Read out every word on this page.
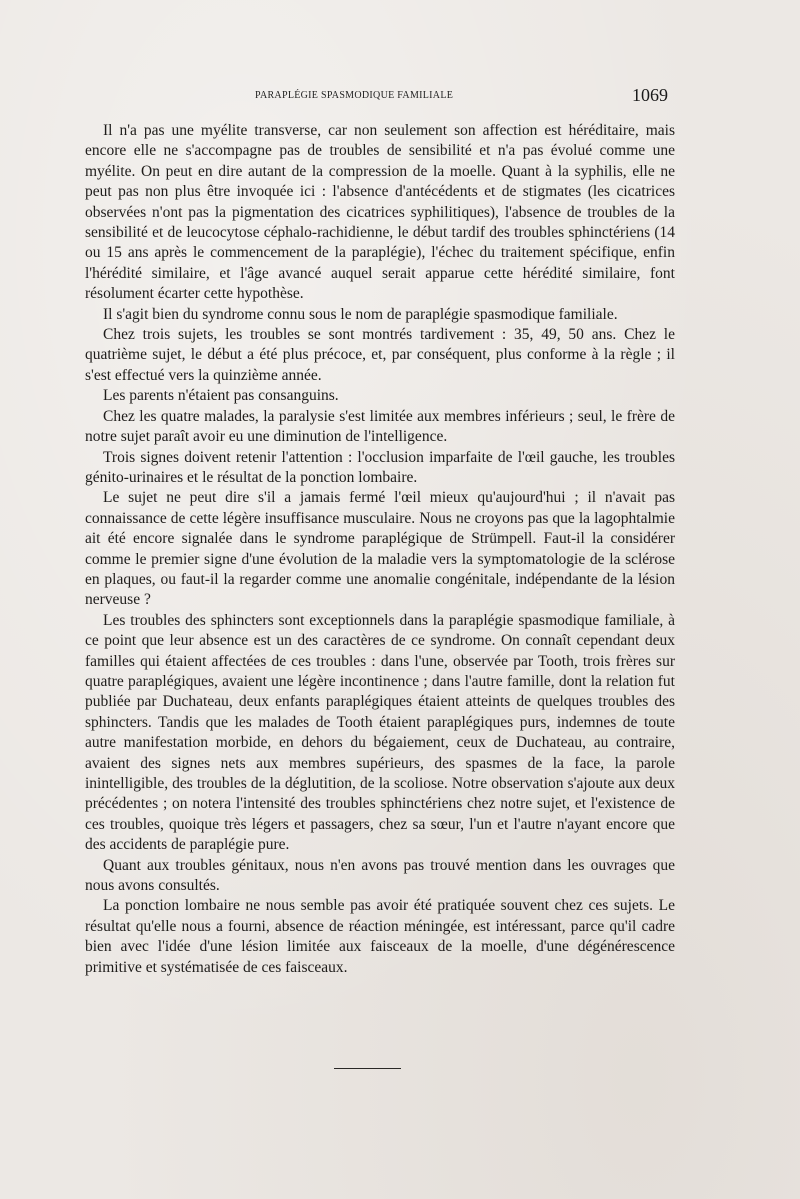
PARAPLÉGIE SPASMODIQUE FAMILIALE	1069

Il n'a pas une myélite transverse, car non seulement son affection est héréditaire, mais encore elle ne s'accompagne pas de troubles de sensibilité et n'a pas évolué comme une myélite. On peut en dire autant de la compression de la moelle. Quant à la syphilis, elle ne peut pas non plus être invoquée ici : l'absence d'antécédents et de stigmates (les cicatrices observées n'ont pas la pigmentation des cicatrices syphilitiques), l'absence de troubles de la sensibilité et de leucocytose céphalo-rachidienne, le début tardif des troubles sphinctériens (14 ou 15 ans après le commencement de la paraplégie), l'échec du traitement spécifique, enfin l'hérédité similaire, et l'âge avancé auquel serait apparue cette hérédité similaire, font résolument écarter cette hypothèse.

Il s'agit bien du syndrome connu sous le nom de paraplégie spasmodique familiale.

Chez trois sujets, les troubles se sont montrés tardivement : 35, 49, 50 ans. Chez le quatrième sujet, le début a été plus précoce, et, par conséquent, plus conforme à la règle ; il s'est effectué vers la quinzième année.

Les parents n'étaient pas consanguins.

Chez les quatre malades, la paralysie s'est limitée aux membres inférieurs ; seul, le frère de notre sujet paraît avoir eu une diminution de l'intelligence.

Trois signes doivent retenir l'attention : l'occlusion imparfaite de l'œil gauche, les troubles génito-urinaires et le résultat de la ponction lombaire.

Le sujet ne peut dire s'il a jamais fermé l'œil mieux qu'aujourd'hui ; il n'avait pas connaissance de cette légère insuffisance musculaire. Nous ne croyons pas que la lagophtalmie ait été encore signalée dans le syndrome paraplégique de Strümpell. Faut-il la considérer comme le premier signe d'une évolution de la maladie vers la symptomatologie de la sclérose en plaques, ou faut-il la regarder comme une anomalie congénitale, indépendante de la lésion nerveuse ?

Les troubles des sphincters sont exceptionnels dans la paraplégie spasmodique familiale, à ce point que leur absence est un des caractères de ce syndrome. On connaît cependant deux familles qui étaient affectées de ces troubles : dans l'une, observée par Tooth, trois frères sur quatre paraplégiques, avaient une légère incontinence ; dans l'autre famille, dont la relation fut publiée par Duchateau, deux enfants paraplégiques étaient atteints de quelques troubles des sphincters. Tandis que les malades de Tooth étaient paraplégiques purs, indemnes de toute autre manifestation morbide, en dehors du bégaiement, ceux de Duchateau, au contraire, avaient des signes nets aux membres supérieurs, des spasmes de la face, la parole inintelligible, des troubles de la déglutition, de la scoliose. Notre observation s'ajoute aux deux précédentes ; on notera l'intensité des troubles sphinctériens chez notre sujet, et l'existence de ces troubles, quoique très légers et passagers, chez sa sœur, l'un et l'autre n'ayant encore que des accidents de paraplégie pure.

Quant aux troubles génitaux, nous n'en avons pas trouvé mention dans les ouvrages que nous avons consultés.

La ponction lombaire ne nous semble pas avoir été pratiquée souvent chez ces sujets. Le résultat qu'elle nous a fourni, absence de réaction méningée, est intéressant, parce qu'il cadre bien avec l'idée d'une lésion limitée aux faisceaux de la moelle, d'une dégénérescence primitive et systématisée de ces faisceaux.
